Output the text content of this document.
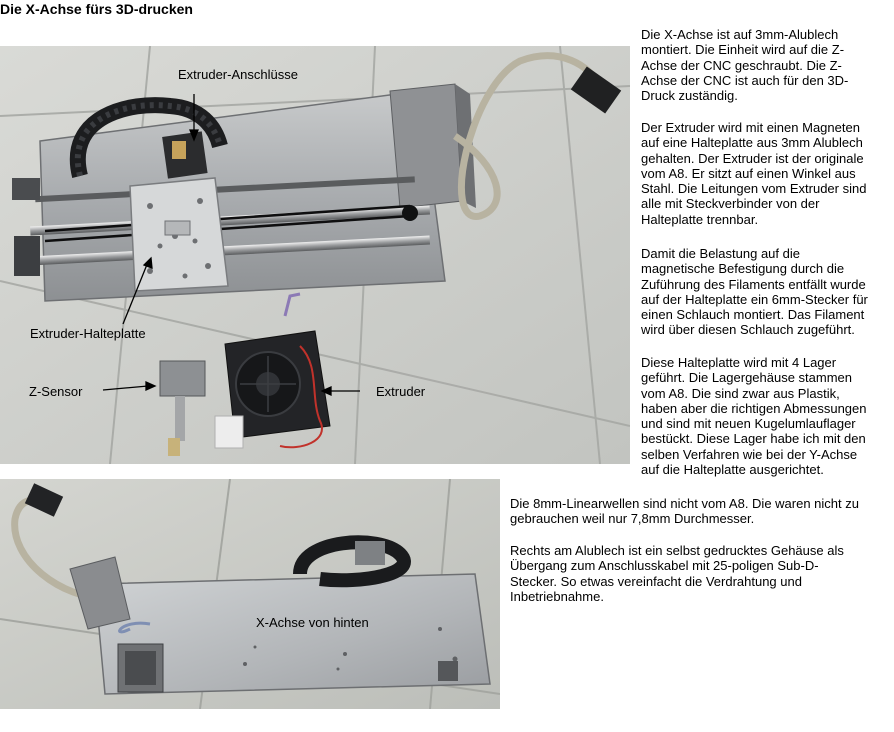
Die X-Achse fürs 3D-drucken
Extruder-Anschlüsse
Extruder-Halteplatte
Z-Sensor	Extruder

Die X-Achse ist auf 3mm-Alublech
montiert. Die Einheit wird auf die Z-
Achse der CNC geschraubt. Die Z-
Achse der CNC ist auch für den 3D-
Druck zuständig.

Der Extruder wird mit einen Magneten
auf eine Halteplatte aus 3mm Alublech
gehalten. Der Extruder ist der originale
vom A8. Er sitzt auf einen Winkel aus
Stahl. Die Leitungen vom Extruder sind
alle mit Steckverbinder von der
Halteplatte trennbar.

Damit die Belastung auf die
magnetische Befestigung durch die
Zuführung des Filaments entfällt wurde
auf der Halteplatte ein 6mm-Stecker für
einen Schlauch montiert. Das Filament
wird über diesen Schlauch zugeführt.

Diese Halteplatte wird mit 4 Lager
geführt. Die Lagergehäuse stammen
vom A8. Die sind zwar aus Plastik,
haben aber die richtigen Abmessungen
und sind mit neuen Kugelumlauflager
bestückt. Diese Lager habe ich mit den
selben Verfahren wie bei der Y-Achse
auf die Halteplatte ausgerichtet.

X-Achse von hinten

Die 8mm-Linearwellen sind nicht vom A8. Die waren nicht zu
gebrauchen weil nur 7,8mm Durchmesser.

Rechts am Alublech ist ein selbst gedrucktes Gehäuse als
Übergang zum Anschlusskabel mit 25-poligen Sub-D-
Stecker. So etwas vereinfacht die Verdrahtung und
Inbetriebnahme.
